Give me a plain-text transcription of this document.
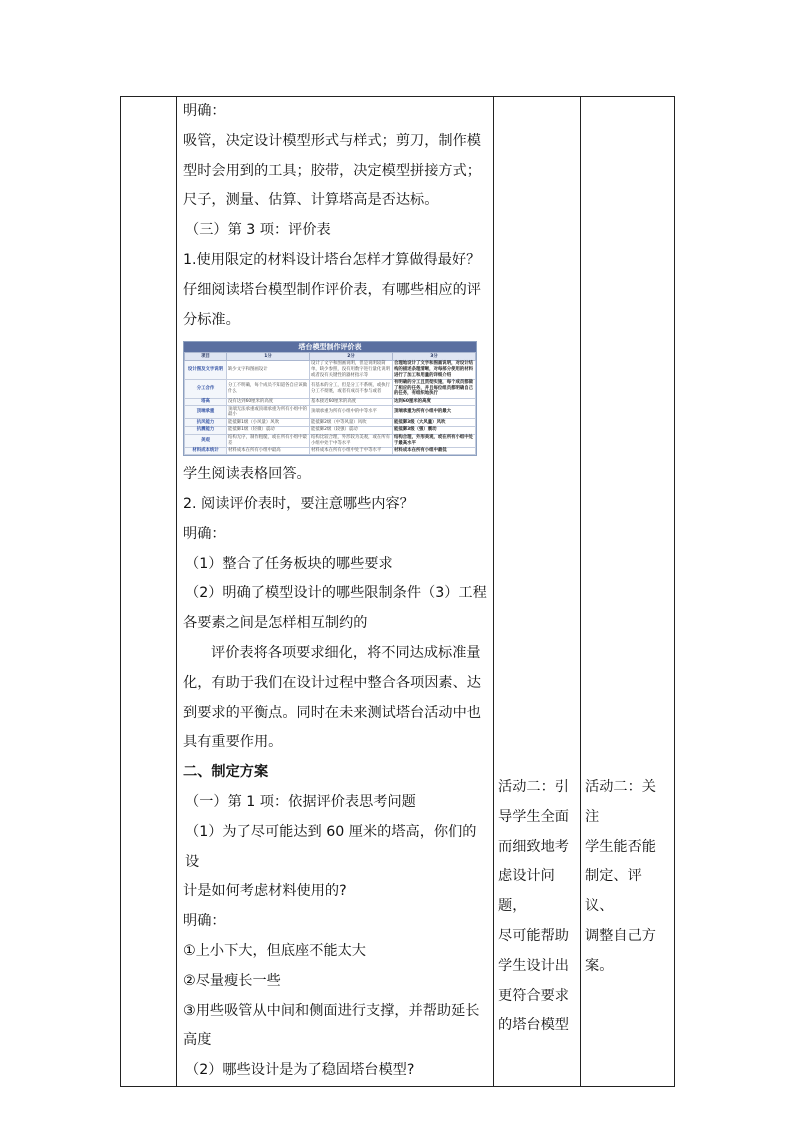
明确：

吸管，决定设计模型形式与样式；剪刀，制作模

型时会用到的工具；胶带，决定模型拼接方式；

尺子，测量、估算、计算塔高是否达标。

（三）第 3 项：评价表

1.使用限定的材料设计塔台怎样才算做得最好？

仔细阅读塔台模型制作评价表，有哪些相应的评

分标准。

塔台模型制作评价表
项目	1分	2分	3分
设计图及文字说明	缺少文字和图画设计	设计了文字和图画说明，但是说明较简单，缺少参照，没有用数字进行量化说明或者没有关键性的器材指示等	合理地设计了文字和图画说明，对设计结构的描述条理清晰，对每部分使用的材料进行了加工和用量的详细介绍
分工合作	分工不明确，每个成员不知道各自应该做什么	有基本的分工，但是分工不系统，或执行分工不彻底，或者有成员不参与或者	有明确的分工且贯彻实施，每个成员都做了相应的任务，并且每位组员都明确自己的任务，有组织地执行
塔高	没有达到60厘米的高度	基本接近60厘米的高度	达到60厘米的高度
顶端承重	顶端无法承重或顶端承重为所有小组中的最小	顶端承重为所有小组中的中等水平	顶端承重为所有小组中的最大
抗风能力	能抵御1级（小风量）风吹	能抵御2级（中等风量）风吹	能抵御3级（大风量）风吹
抗震能力	能抵御1级（轻微）震动	能抵御2级（较强）震动	能抵御3级（强）震动
美观	结构无序，制作粗糙，或在所有小组中最差	结构比较合理，外形较为美观，或在所有小组中处于中等水平	结构合理，外形美观，或在所有小组中处于最高水平
材料成本统计	材料成本在所有小组中最高	材料成本在所有小组中处于中等水平	材料成本在所有小组中最低

学生阅读表格回答。

2. 阅读评价表时，要注意哪些内容？

明确：

（1）整合了任务板块的哪些要求

（2）明确了模型设计的哪些限制条件（3）工程

各要素之间是怎样相互制约的

评价表将各项要求细化，将不同达成标准量

化，有助于我们在设计过程中整合各项因素、达

到要求的平衡点。同时在未来测试塔台活动中也

具有重要作用。

二、制定方案

（一）第 1 项：依据评价表思考问题

（1）为了尽可能达到 60 厘米的塔高，你们的设

计是如何考虑材料使用的?

明确：

①上小下大，但底座不能太大

②尽量瘦长一些

③用些吸管从中间和侧面进行支撑，并帮助延长

高度

（2）哪些设计是为了稳固塔台模型?

活动二：引
导学生全面
而细致地考
虑设计问题，
尽可能帮助
学生设计出
更符合要求
的塔台模型

活动二：关注
学生能否能
制定、评议、
调整自己方
案。
